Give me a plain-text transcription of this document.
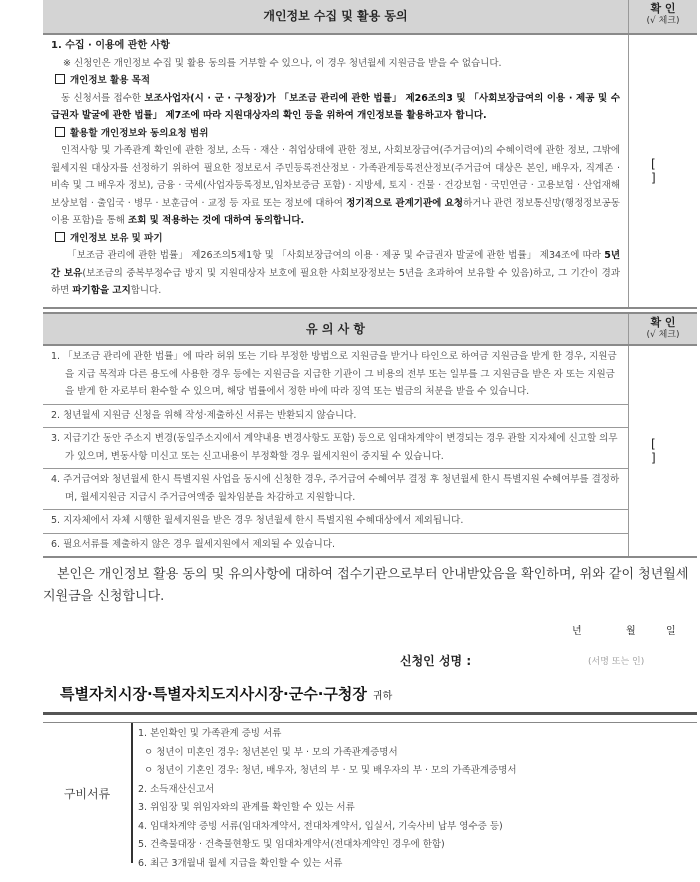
개인정보 수집 및 활용 동의
확 인
(√ 체크)
1. 수집 · 이용에 관한 사항
※ 신청인은 개인정보 수집 및 활용 동의를 거부할 수 있으나, 이 경우 청년월세 지원금을 받을 수 없습니다.
개인정보 활용 목적

동 신청서를 접수한 보조사업자(시 · 군 · 구청장)가 「보조금 관리에 관한 법률」 제26조의3 및 「사회보장급여의 이용 · 제공 및 수급권자 발굴에 관한 법률」 제7조에 따라 지원대상자의 확인 등을 위하여 개인정보를 활용하고자 합니다.

활용할 개인정보와 동의요청 범위

인적사항 및 가족관계 확인에 관한 정보, 소득 · 재산 · 취업상태에 관한 정보, 사회보장급여(주거급여)의 수혜이력에 관한 정보, 그밖에 월세지원 대상자를 선정하기 위하여 필요한 정보로서 주민등록전산정보 · 가족관계등록전산정보(주거급여 대상은 본인, 배우자, 직계존 · 비속 및 그 배우자 정보), 금융 · 국세(사업자등록정보,임차보증금 포함) · 지방세, 토지 · 건물 · 건강보험 · 국민연금 · 고용보험 · 산업재해보상보험 · 출입국 · 병무 · 보훈급여 · 교정 등 자료 또는 정보에 대하여 정기적으로 관계기관에 요청하거나 관련 정보통신망(행정정보공동이용 포함)을 통해 조회 및 적용하는 것에 대하여 동의합니다.

개인정보 보유 및 파기

「보조금 관리에 관한 법률」 제26조의5제1항 및 「사회보장급여의 이용 · 제공 및 수급권자 발굴에 관한 법률」 제34조에 따라 5년간 보유(보조금의 중복부정수급 방지 및 지원대상자 보호에 필요한 사회보장정보는 5년을 초과하여 보유할 수 있음)하고, 그 기간이 경과하면 파기함을 고지합니다.

[ ]
유 의 사 항	확 인
(√ 체크)
1. 「보조금 관리에 관한 법률」에 따라 허위 또는 기타 부정한 방법으로 지원금을 받거나 타인으로 하여금 지원금을 받게 한 경우, 지원금을 지급 목적과 다른 용도에 사용한 경우 등에는 지원금을 지급한 기관이 그 비용의 전부 또는 일부를 그 지원금을 받은 자 또는 지원금을 받게 한 자로부터 환수할 수 있으며, 해당 법률에서 정한 바에 따라 징역 또는 벌금의 처분을 받을 수 있습니다.
2. 청년월세 지원금 신청을 위해 작성·제출하신 서류는 반환되지 않습니다.
3. 지급기간 동안 주소지 변경(동일주소지에서 계약내용 변경사항도 포함) 등으로 임대차계약이 변경되는 경우 관할 지자체에 신고할 의무가 있으며, 변동사항 미신고 또는 신고내용이 부정확할 경우 월세지원이 중지될 수 있습니다.
4. 주거급여와 청년월세 한시 특별지원 사업을 동시에 신청한 경우, 주거급여 수혜여부 결정 후 청년월세 한시 특별지원 수혜여부를 결정하며, 월세지원금 지급시 주거급여액중 월차임분을 차감하고 지원합니다.
5. 지자체에서 자체 시행한 월세지원을 받은 경우 청년월세 한시 특별지원 수혜대상에서 제외됩니다.
6. 필요서류를 제출하지 않은 경우 월세지원에서 제외될 수 있습니다.
[ ]
본인은 개인정보 활용 동의 및 유의사항에 대하여 접수기관으로부터 안내받았음을 확인하며, 위와 같이 청년월세 지원금을 신청합니다.
년	월	일
신청인 성명 :	(서명 또는 인)
특별자치시장·특별자치도지사시장·군수·구청장 귀하
구비서류
1. 본인확인 및 가족관계 증빙 서류
ㅇ 청년이 미혼인 경우: 청년본인 및 부 · 모의 가족관계증명서
ㅇ 청년이 기혼인 경우: 청년, 배우자, 청년의 부 · 모 및 배우자의 부 · 모의 가족관계증명서
2. 소득재산신고서
3. 위임장 및 위임자와의 관계를 확인할 수 있는 서류
4. 임대차계약 증빙 서류(임대차계약서, 전대차계약서, 입실서, 기숙사비 납부 영수증 등)
5. 건축물대장 · 건축물현황도 및 임대차계약서(전대차계약인 경우에 한함)
6. 최근 3개월내 월세 지급을 확인할 수 있는 서류
